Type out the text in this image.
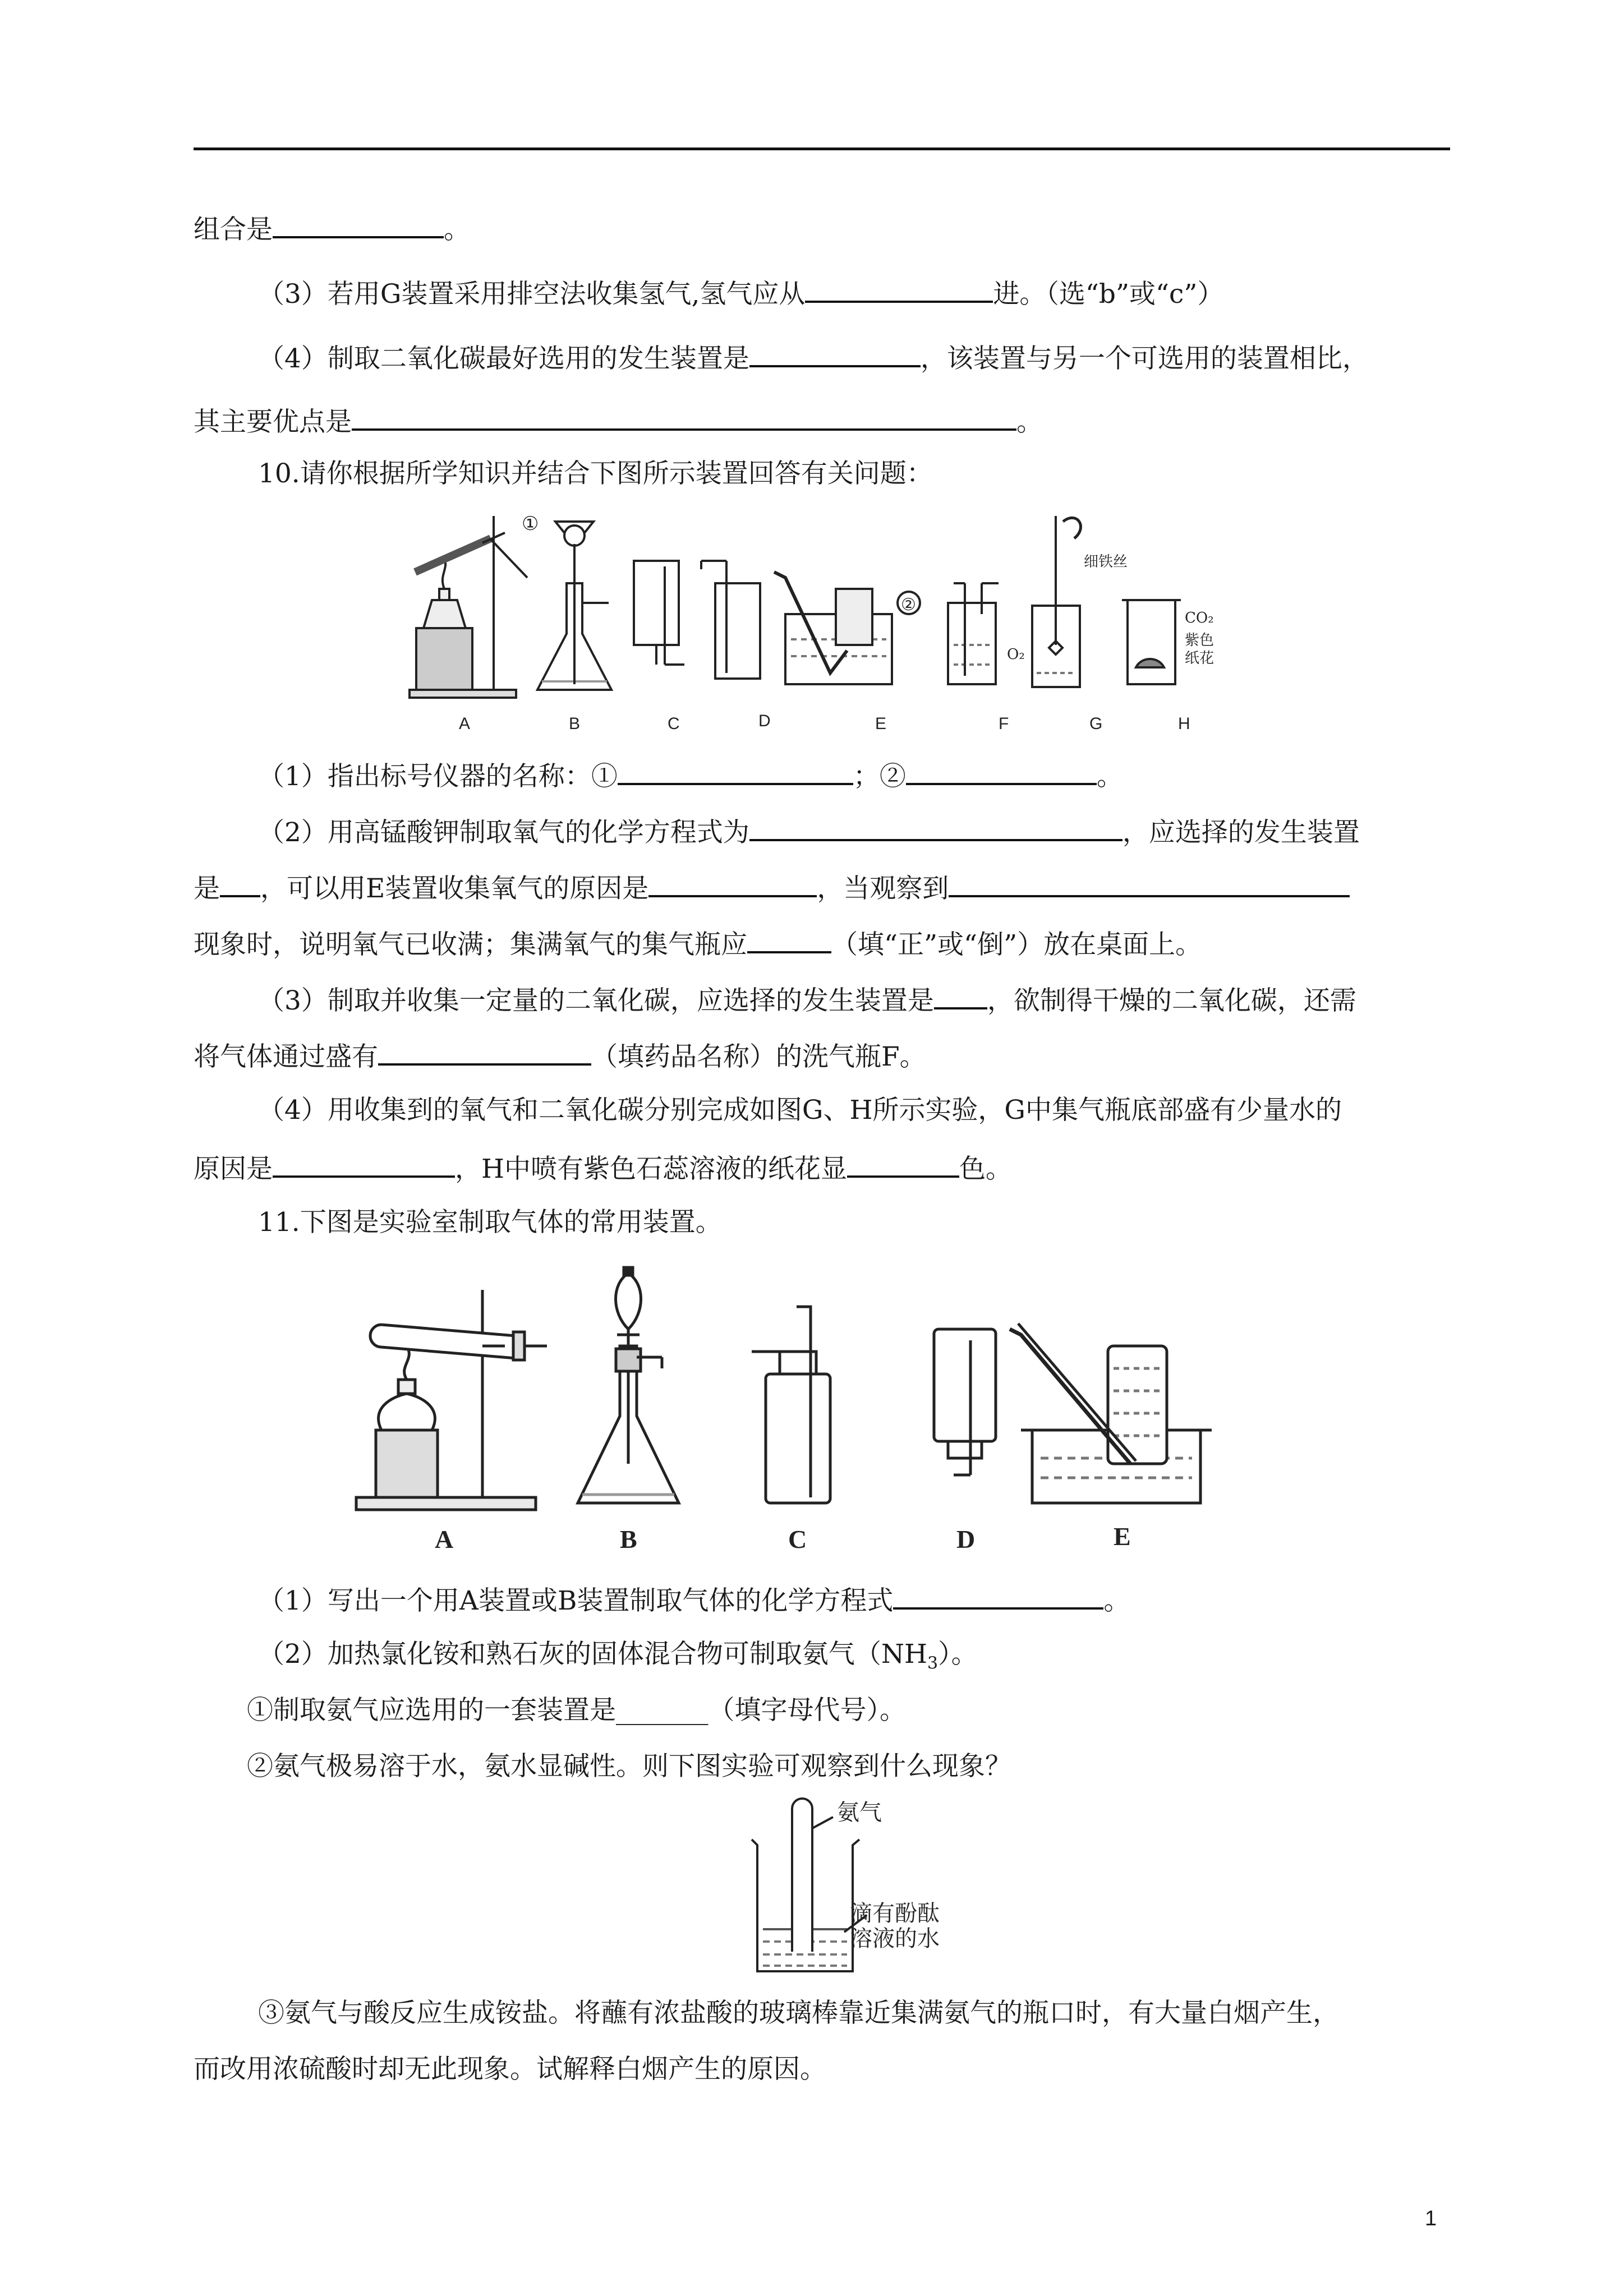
组合是	。
（3）若用G装置采用排空法收集氢气,氢气应从	进。（选“b”或“c”）
（4）制取二氧化碳最好选用的发生装置是	，该装置与另一个可选用的装置相比，
其主要优点是	。
10.请你根据所学知识并结合下图所示装置回答有关问题：
①
②
细铁丝
O₂
CO₂
紫色
纸花
A	B	C	D	E	F	G	H
（1）指出标号仪器的名称：①	；②	。
（2）用高锰酸钾制取氧气的化学方程式为	，应选择的发生装置
是 ，可以用E装置收集氧气的原因是	，当观察到
现象时，说明氧气已收满；集满氧气的集气瓶应	（填“正”或“倒”）放在桌面上。
（3）制取并收集一定量的二氧化碳，应选择的发生装置是 ，欲制得干燥的二氧化碳，还需
将气体通过盛有	（填药品名称）的洗气瓶F。
（4）用收集到的氧气和二氧化碳分别完成如图G、H所示实验，G中集气瓶底部盛有少量水的
原因是	，H中喷有紫色石蕊溶液的纸花显	色。
11.下图是实验室制取气体的常用装置。
A	B	C	D	E
（1）写出一个用A装置或B装置制取气体的化学方程式	。
（2）加热氯化铵和熟石灰的固体混合物可制取氨气$(NH_3)$。
①制取氨气应选用的一套装置是_______（填字母代号）。
②氨气极易溶于水，氨水显碱性。则下图实验可观察到什么现象？
氨气
滴有酚酞
溶液的水
③氨气与酸反应生成铵盐。将蘸有浓盐酸的玻璃棒靠近集满氨气的瓶口时，有大量白烟产生，
而改用浓硫酸时却无此现象。试解释白烟产生的原因。
1
